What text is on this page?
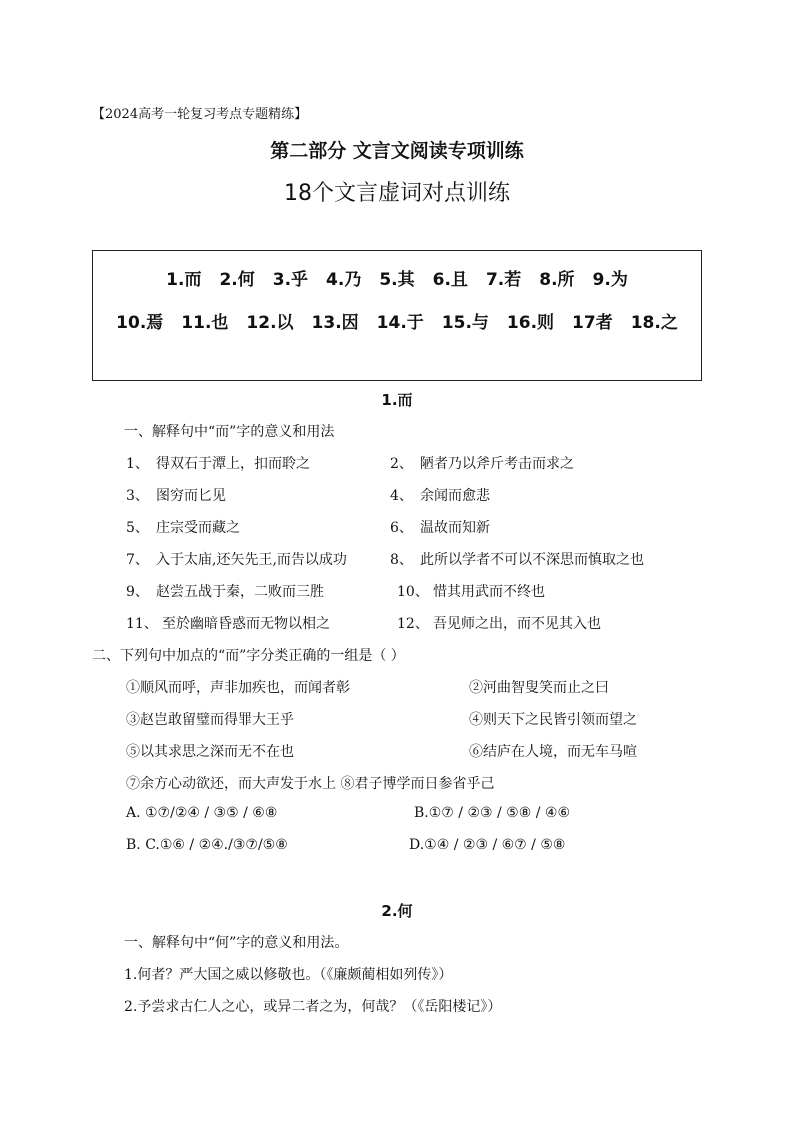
【2024高考一轮复习考点专题精练】
第二部分 文言文阅读专项训练
18个文言虚词对点训练
1.而 2.何 3.乎 4.乃 5.其 6.且 7.若 8.所 9.为
10.焉 11.也 12.以 13.因 14.于 15.与 16.则 17者 18.之
1.而
一、解释句中“而”字的意义和用法
1、 得双石于潭上，扣而聆之	2、 陋者乃以斧斤考击而求之
3、 图穷而匕见	4、 余闻而愈悲
5、 庄宗受而藏之	6、 温故而知新
7、 入于太庙,还矢先王,而告以成功	8、 此所以学者不可以不深思而慎取之也
9、 赵尝五战于秦，二败而三胜	10、 惜其用武而不终也
11、 至於幽暗昏惑而无物以相之	12、 吾见师之出，而不见其入也
二、下列句中加点的“而”字分类正确的一组是（ ）
①顺风而呼，声非加疾也，而闻者彰	②河曲智叟笑而止之曰
③赵岂敢留璧而得罪大王乎	④则天下之民皆引领而望之
⑤以其求思之深而无不在也	⑥结庐在人境，而无车马喧
⑦余方心动欲还，而大声发于水上 ⑧君子博学而日参省乎己
A. ①⑦/②④ / ③⑤ / ⑥⑧	B.①⑦ / ②③ / ⑤⑧ / ④⑥
B. C.①⑥ / ②④./③⑦/⑤⑧	D.①④ / ②③ / ⑥⑦ / ⑤⑧
2.何
一、解释句中“何”字的意义和用法。
1.何者？严大国之威以修敬也。（《廉颇蔺相如列传》）
2.予尝求古仁人之心，或异二者之为，何哉？（《岳阳楼记》）
